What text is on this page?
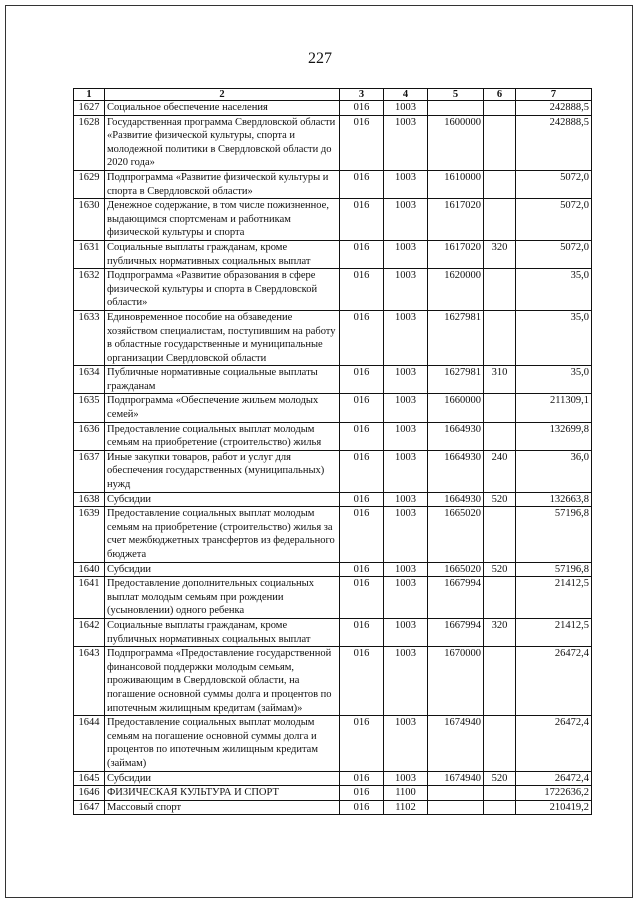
227
1	2	3	4	5	6	7
1627	Социальное обеспечение населения	016	1003			242888,5
1628	Государственная программа Свердловской области «Развитие физической культуры, спорта и молодежной политики в Свердловской области до 2020 года»	016	1003	1600000		242888,5
1629	Подпрограмма «Развитие физической культуры и спорта в Свердловской области»	016	1003	1610000		5072,0
1630	Денежное содержание, в том числе пожизненное, выдающимся спортсменам и работникам физической культуры и спорта	016	1003	1617020		5072,0
1631	Социальные выплаты гражданам, кроме публичных нормативных социальных выплат	016	1003	1617020	320	5072,0
1632	Подпрограмма «Развитие образования в сфере физической культуры и спорта в Свердловской области»	016	1003	1620000		35,0
1633	Единовременное пособие на обзаведение хозяйством специалистам, поступившим на работу в областные государственные и муниципальные организации Свердловской области	016	1003	1627981		35,0
1634	Публичные нормативные социальные выплаты гражданам	016	1003	1627981	310	35,0
1635	Подпрограмма «Обеспечение жильем молодых семей»	016	1003	1660000		211309,1
1636	Предоставление социальных выплат молодым семьям на приобретение (строительство) жилья	016	1003	1664930		132699,8
1637	Иные закупки товаров, работ и услуг для обеспечения государственных (муниципальных) нужд	016	1003	1664930	240	36,0
1638	Субсидии	016	1003	1664930	520	132663,8
1639	Предоставление социальных выплат молодым семьям на приобретение (строительство) жилья за счет межбюджетных трансфертов из федерального бюджета	016	1003	1665020		57196,8
1640	Субсидии	016	1003	1665020	520	57196,8
1641	Предоставление дополнительных социальных выплат молодым семьям при рождении (усыновлении) одного ребенка	016	1003	1667994		21412,5
1642	Социальные выплаты гражданам, кроме публичных нормативных социальных выплат	016	1003	1667994	320	21412,5
1643	Подпрограмма «Предоставление государственной финансовой поддержки молодым семьям, проживающим в Свердловской области, на погашение основной суммы долга и процентов по ипотечным жилищным кредитам (займам)»	016	1003	1670000		26472,4
1644	Предоставление социальных выплат молодым семьям на погашение основной суммы долга и процентов по ипотечным жилищным кредитам (займам)	016	1003	1674940		26472,4
1645	Субсидии	016	1003	1674940	520	26472,4
1646	ФИЗИЧЕСКАЯ КУЛЬТУРА И СПОРТ	016	1100			1722636,2
1647	Массовый спорт	016	1102			210419,2
